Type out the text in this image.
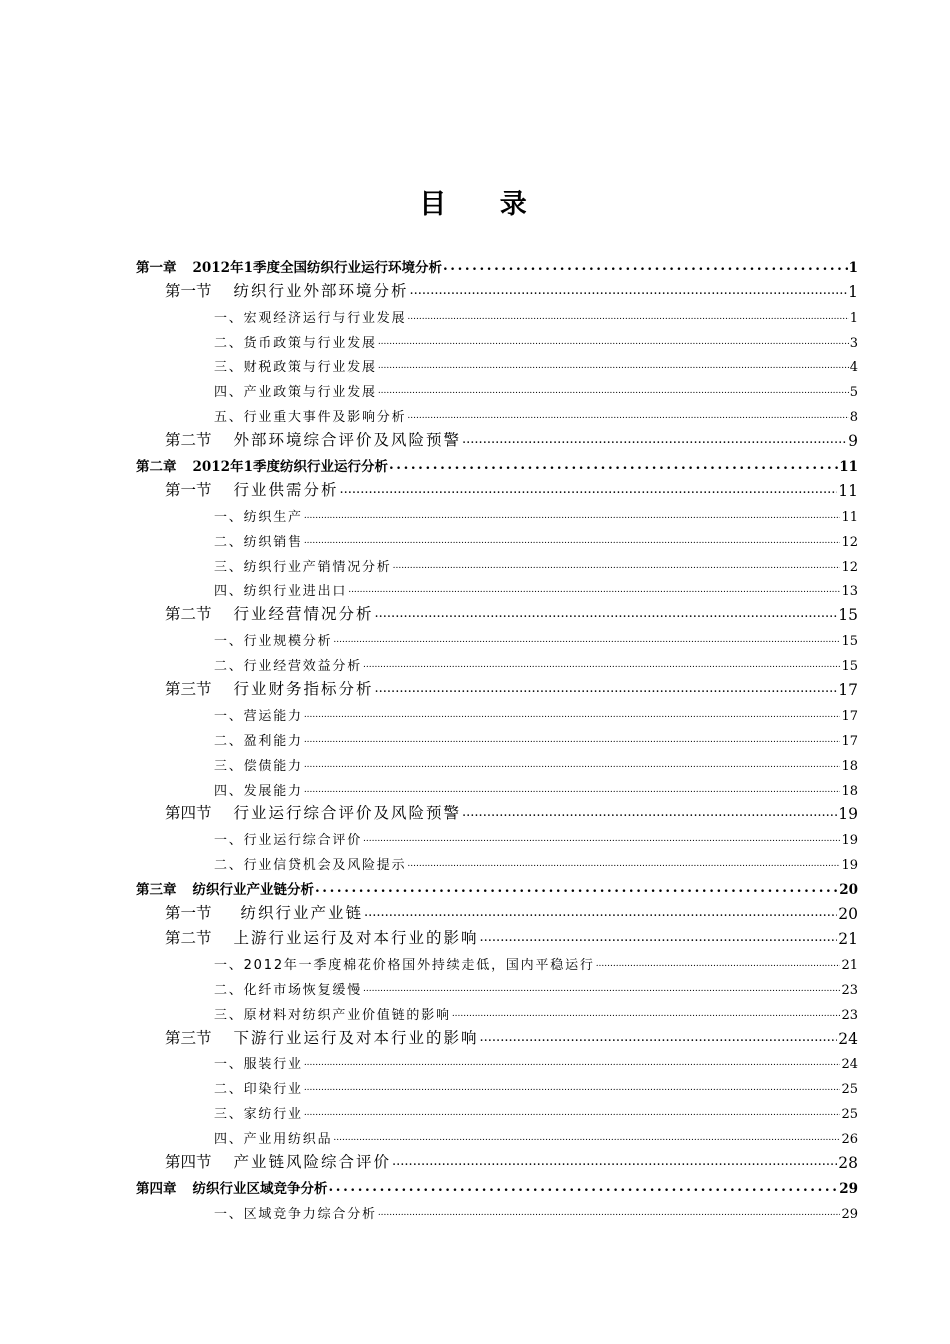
目 录
第一章 2012年1季度全国纺织行业运行环境分析 .....	1
第一节 纺织行业外部环境分析 .....	1
一、宏观经济运行与行业发展 .....	1
二、货币政策与行业发展 .....	3
三、财税政策与行业发展 .....	4
四、产业政策与行业发展 .....	5
五、行业重大事件及影响分析 .....	8
第二节 外部环境综合评价及风险预警 .....	9
第二章 2012年1季度纺织行业运行分析 .....	11
第一节 行业供需分析 .....	11
一、纺织生产 .....	11
二、纺织销售 .....	12
三、纺织行业产销情况分析 .....	12
四、纺织行业进出口 .....	13
第二节 行业经营情况分析 .....	15
一、行业规模分析 .....	15
二、行业经营效益分析 .....	15
第三节 行业财务指标分析 .....	17
一、营运能力 .....	17
二、盈利能力 .....	17
三、偿债能力 .....	18
四、发展能力 .....	18
第四节 行业运行综合评价及风险预警 .....	19
一、行业运行综合评价 .....	19
二、行业信贷机会及风险提示 .....	19
第三章 纺织行业产业链分析 .....	20
第一节 纺织行业产业链 .....	20
第二节 上游行业运行及对本行业的影响 .....	21
一、2012年一季度棉花价格国外持续走低，国内平稳运行 .....	21
二、化纤市场恢复缓慢 .....	23
三、原材料对纺织产业价值链的影响 .....	23
第三节 下游行业运行及对本行业的影响 .....	24
一、服装行业 .....	24
二、印染行业 .....	25
三、家纺行业 .....	25
四、产业用纺织品 .....	26
第四节 产业链风险综合评价 .....	28
第四章 纺织行业区域竞争分析 .....	29
一、区域竞争力综合分析 .....	29
